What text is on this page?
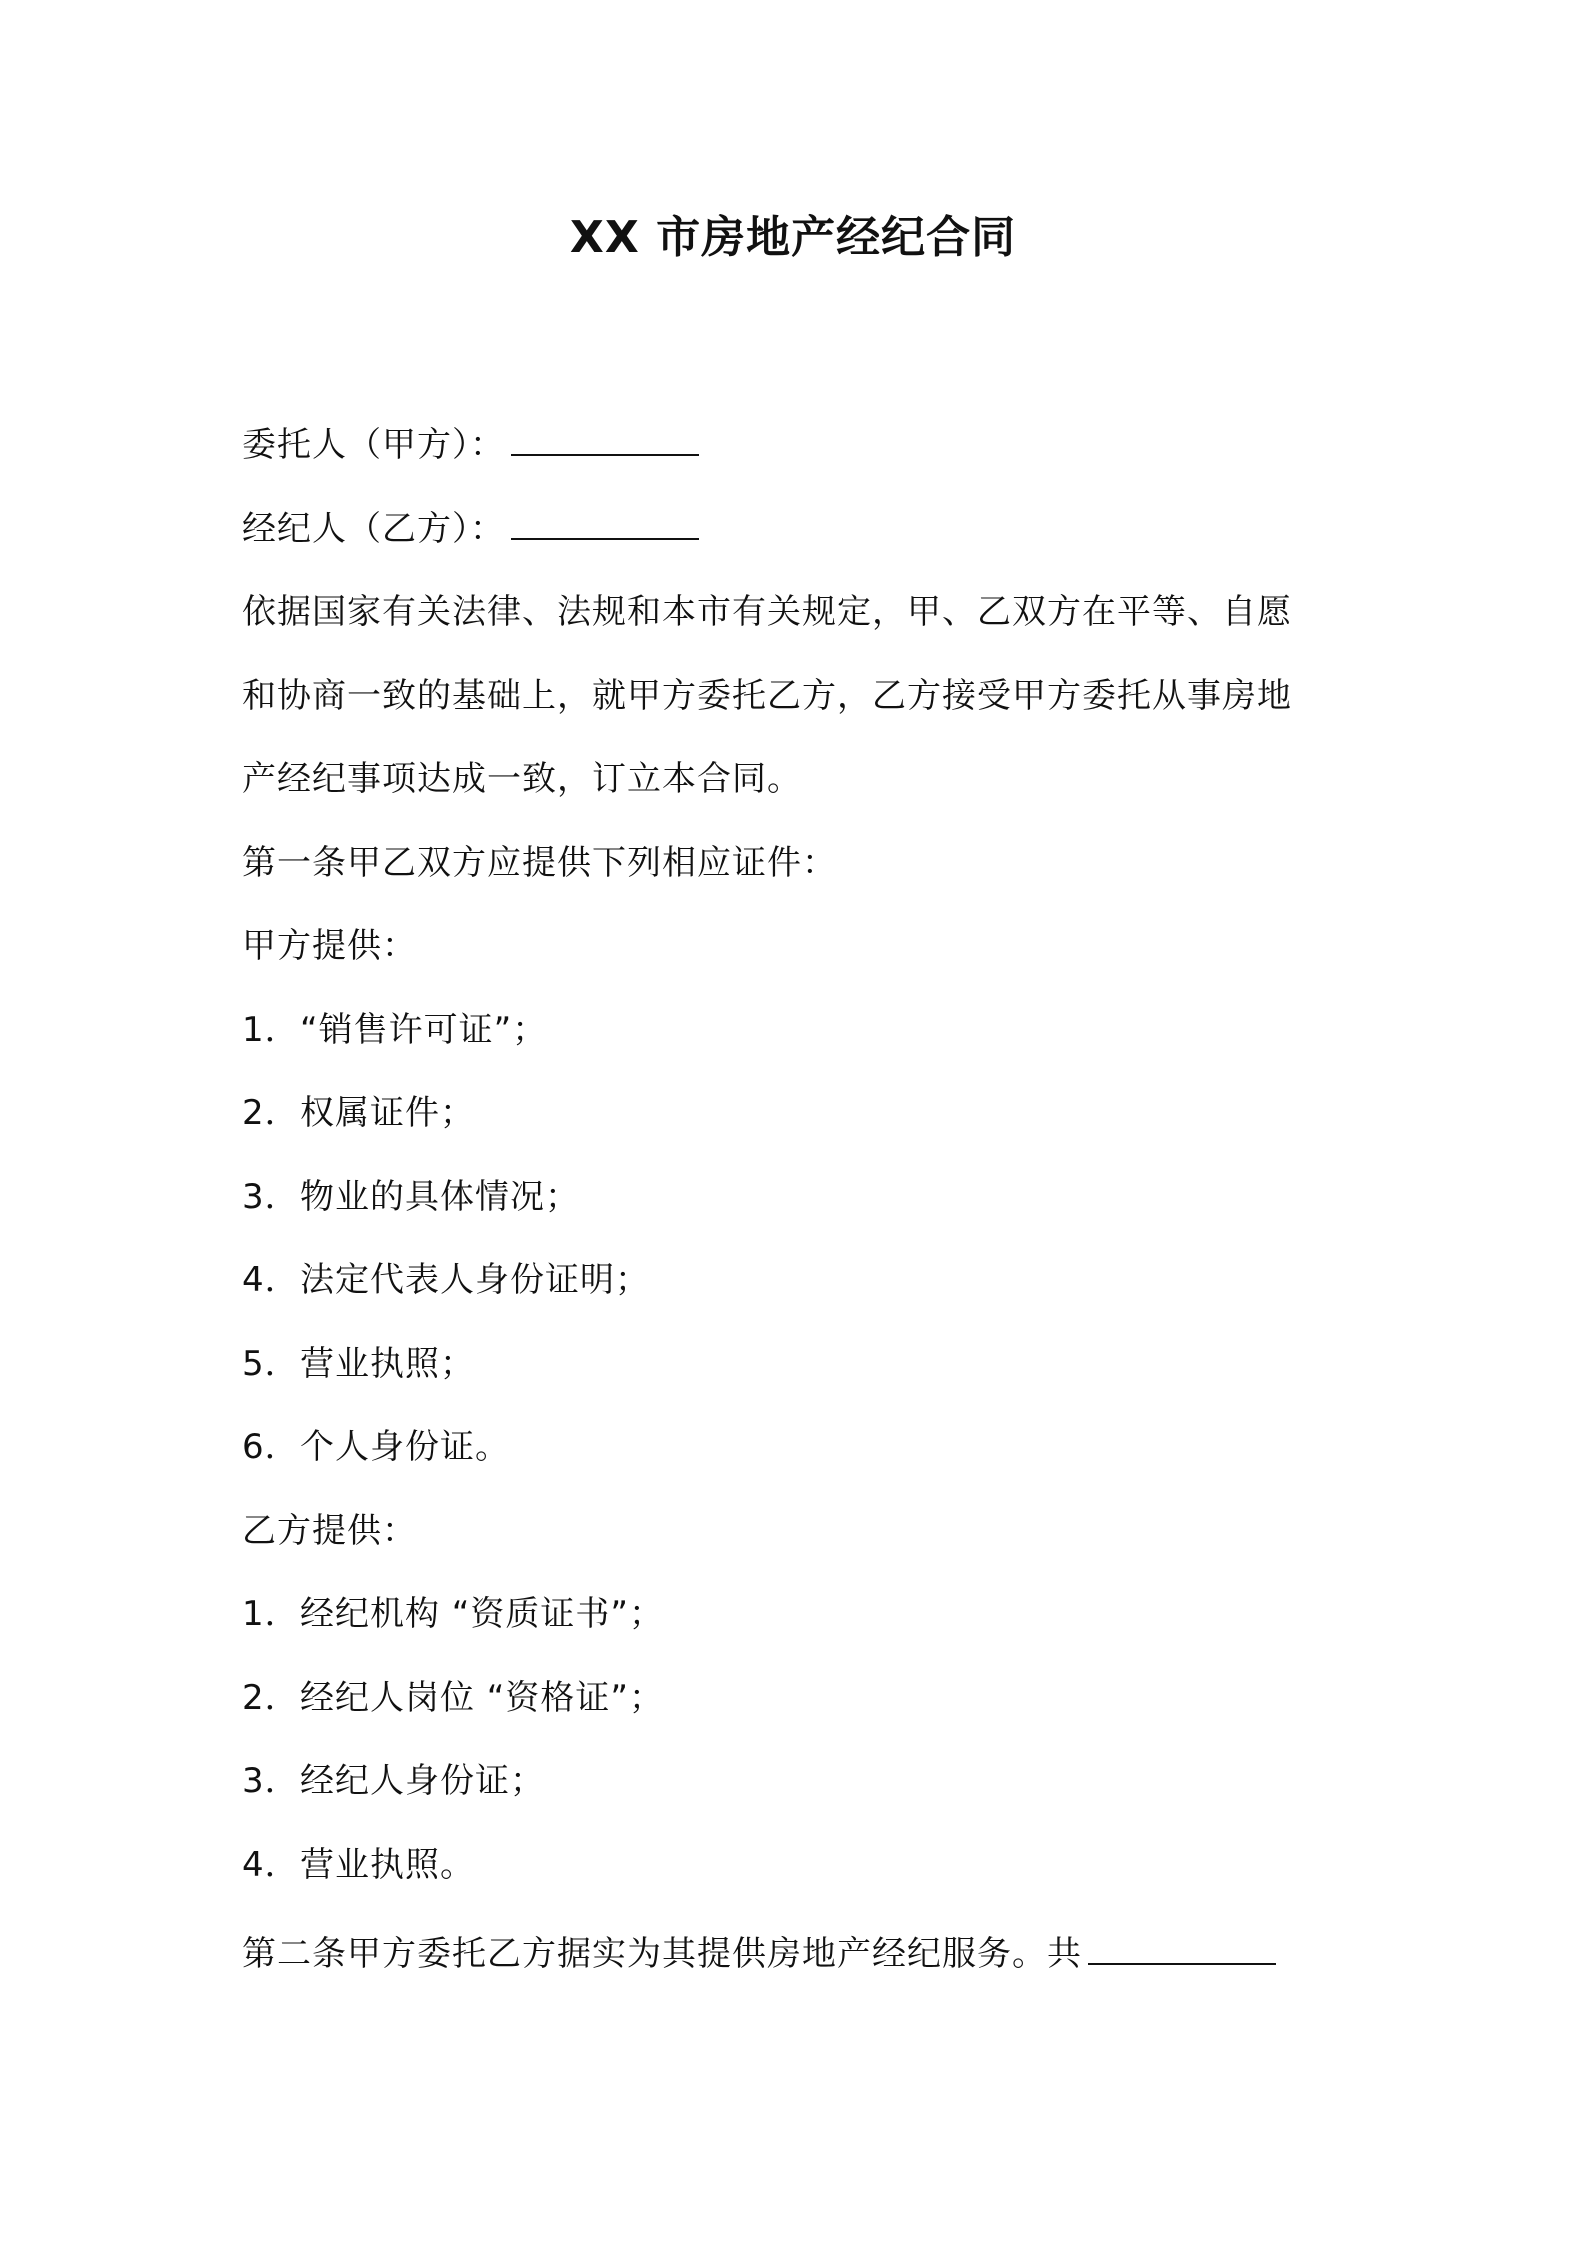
XX 市房地产经纪合同
委托人（甲方）：
经纪人（乙方）：
依据国家有关法律、法规和本市有关规定，甲、乙双方在平等、自愿
和协商一致的基础上，就甲方委托乙方，乙方接受甲方委托从事房地
产经纪事项达成一致，订立本合同。
第一条甲乙双方应提供下列相应证件：
甲方提供：
1．“销售许可证”；
2．权属证件；
3．物业的具体情况；
4．法定代表人身份证明；
5．营业执照；
6．个人身份证。
乙方提供：
1．经纪机构 “资质证书”；
2．经纪人岗位 “资格证”；
3．经纪人身份证；
4．营业执照。
第二条甲方委托乙方据实为其提供房地产经纪服务。共
